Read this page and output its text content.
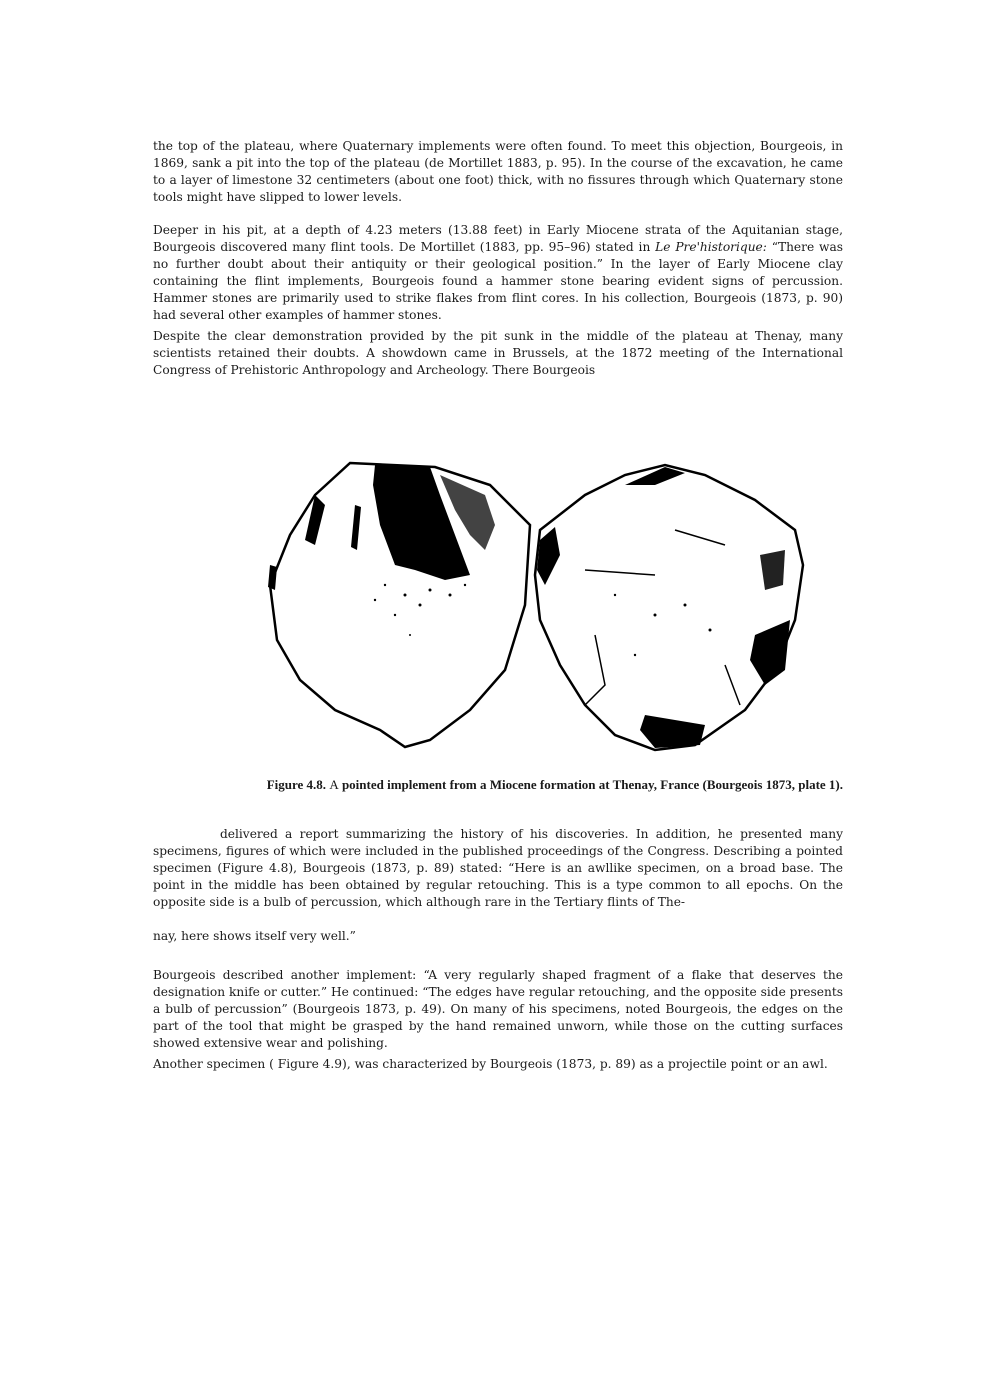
the top of the plateau, where Quaternary implements were often found. To meet this objection, Bourgeois, in 1869, sank a pit into the top of the plateau (de Mortillet 1883, p. 95). In the course of the excavation, he came to a layer of limestone 32 centimeters (about one foot) thick, with no fissures through which Quaternary stone tools might have slipped to lower levels.

Deeper in his pit, at a depth of 4.23 meters (13.88 feet) in Early Miocene strata of the Aquitanian stage, Bourgeois discovered many flint tools. De Mortillet (1883, pp. 95–96) stated in Le Pre'historique: “There was no further doubt about their antiquity or their geological position.” In the layer of Early Miocene clay containing the flint implements, Bourgeois found a hammer stone bearing evident signs of percussion. Hammer stones are primarily used to strike flakes from flint cores. In his collection, Bourgeois (1873, p. 90) had several other examples of hammer stones.

Despite the clear demonstration provided by the pit sunk in the middle of the plateau at Thenay, many scientists retained their doubts. A showdown came in Brussels, at the 1872 meeting of the International Congress of Prehistoric Anthropology and Archeology. There Bourgeois

Figure 4.8. A pointed implement from a Miocene formation at Thenay, France (Bourgeois 1873, plate 1).

delivered a report summarizing the history of his discoveries. In addition, he presented many specimens, figures of which were included in the published proceedings of the Congress. Describing a pointed specimen (Figure 4.8), Bourgeois (1873, p. 89) stated: “Here is an awllike specimen, on a broad base. The point in the middle has been obtained by regular retouching. This is a type common to all epochs. On the opposite side is a bulb of percussion, which although rare in the Tertiary flints of The-

nay, here shows itself very well.”

Bourgeois described another implement: “A very regularly shaped fragment of a flake that deserves the designation knife or cutter.” He continued: “The edges have regular retouching, and the opposite side presents a bulb of percussion” (Bourgeois 1873, p. 49). On many of his specimens, noted Bourgeois, the edges on the part of the tool that might be grasped by the hand remained unworn, while those on the cutting surfaces showed extensive wear and polishing.

Another specimen ( Figure 4.9), was characterized by Bourgeois (1873, p. 89) as a projectile point or an awl.
